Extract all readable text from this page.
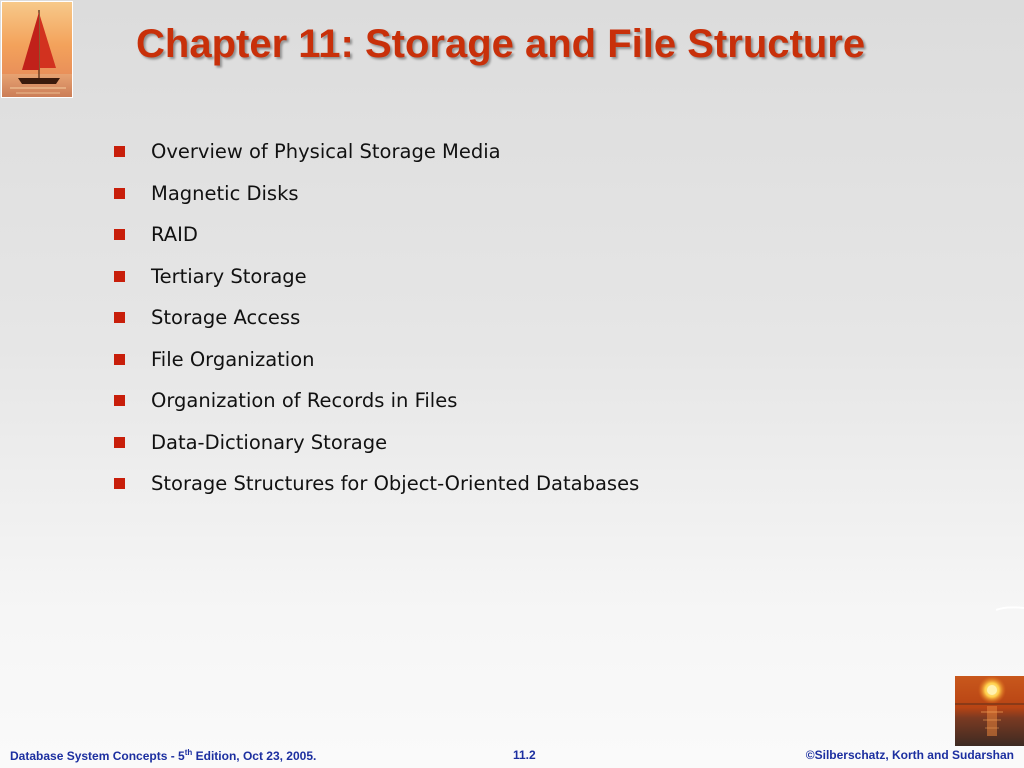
Chapter 11: Storage and File Structure
Overview of Physical Storage Media
Magnetic Disks
RAID
Tertiary Storage
Storage Access
File Organization
Organization of Records in Files
Data-Dictionary Storage
Storage Structures for Object-Oriented Databases
Database System Concepts - 5th Edition, Oct 23, 2005.	11.2	©Silberschatz, Korth and Sudarshan
